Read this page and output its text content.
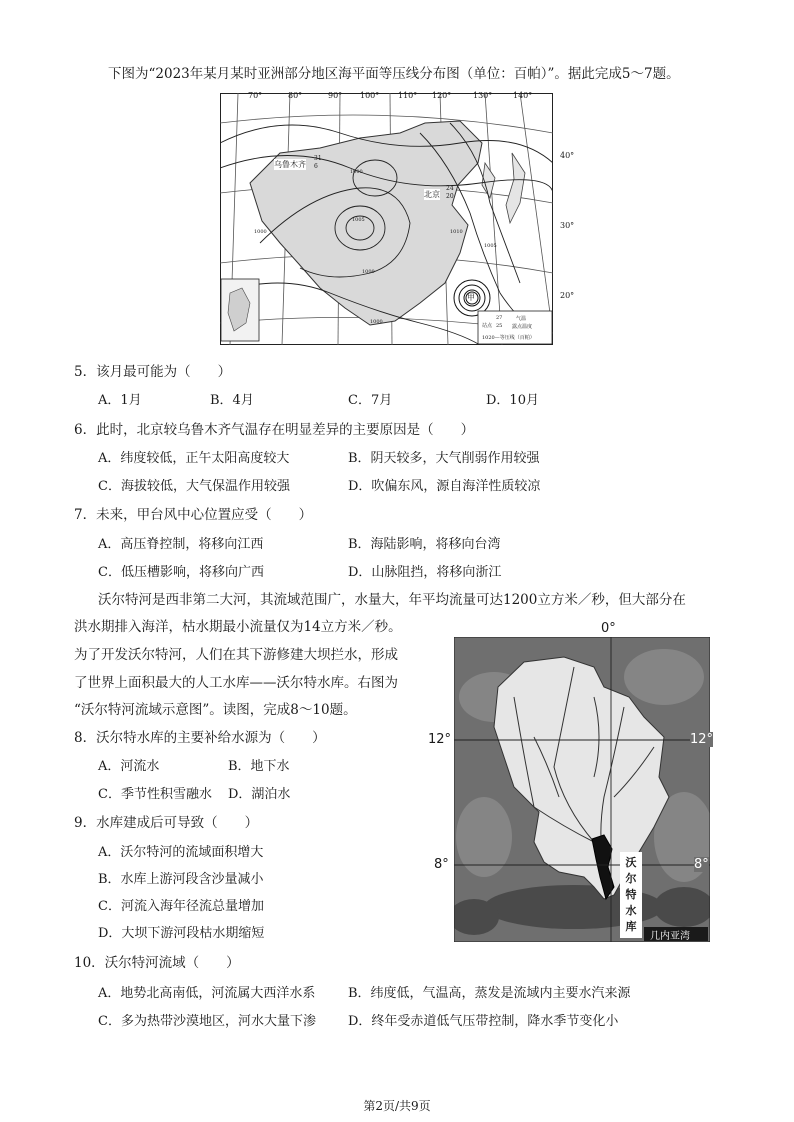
下图为“2023年某月某时亚洲部分地区海平面等压线分布图（单位：百帕）”。据此完成5～7题。
70°	80°	90° 100° 110° 120°	130°	140°
40°
30°
20°
乌鲁木齐
31
6
北京
24
20
甲
1000
1000
1005
1005
1010
1000
1000
站点
27
25
气温
露点温度
1020—等压线（百帕）
5．该月最可能为（　　）
A．1月	B．4月	C．7月	D．10月
6．此时，北京较乌鲁木齐气温存在明显差异的主要原因是（　　）
A．纬度较低，正午太阳高度较大	B．阴天较多，大气削弱作用较强
C．海拔较低，大气保温作用较强	D．吹偏东风，源自海洋性质较凉
7．未来，甲台风中心位置应受（　　）
A．高压脊控制，将移向江西	B．海陆影响，将移向台湾
C．低压槽影响，将移向广西	D．山脉阻挡，将移向浙江
沃尔特河是西非第二大河，其流域范围广，水量大，年平均流量可达1200立方米／秒，但大部分在
洪水期排入海洋，枯水期最小流量仅为14立方米／秒。
为了开发沃尔特河，人们在其下游修建大坝拦水，形成
了世界上面积最大的人工水库——沃尔特水库。右图为
“沃尔特河流域示意图”。读图，完成8～10题。
0°
12°	12°
8°	8°
沃
尔
特
水
库
几内亚湾
8．沃尔特水库的主要补给水源为（　　）
A．河流水	B．地下水
C．季节性积雪融水 D．湖泊水
9．水库建成后可导致（　　）
A．沃尔特河的流域面积增大
B．水库上游河段含沙量减小
C．河流入海年径流总量增加
D．大坝下游河段枯水期缩短
10．沃尔特河流域（　　）
A．地势北高南低，河流属大西洋水系	B．纬度低，气温高，蒸发是流域内主要水汽来源
C．多为热带沙漠地区，河水大量下渗 D．终年受赤道低气压带控制，降水季节变化小
第2页/共9页
